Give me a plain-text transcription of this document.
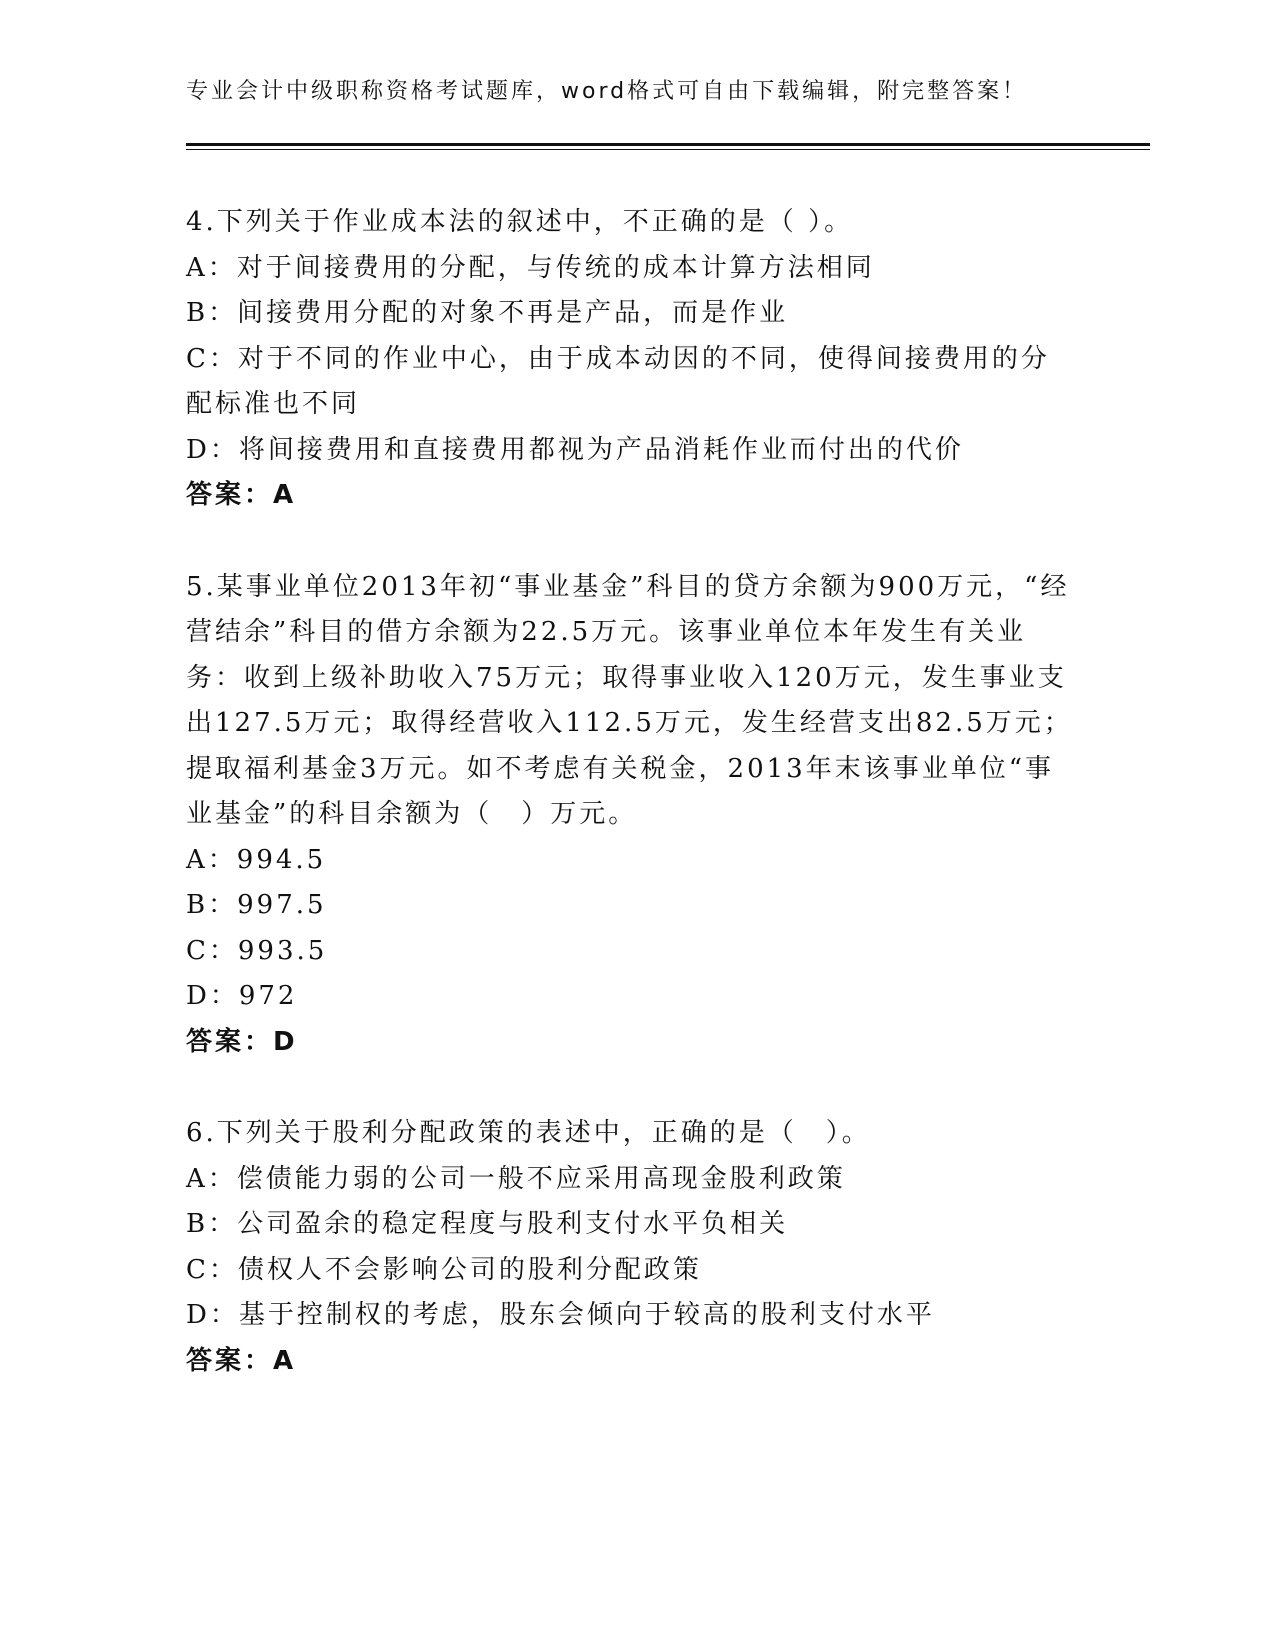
专业会计中级职称资格考试题库，word格式可自由下载编辑，附完整答案！

4.下列关于作业成本法的叙述中，不正确的是（ ）。

A：对于间接费用的分配，与传统的成本计算方法相同

B：间接费用分配的对象不再是产品，而是作业

C：对于不同的作业中心，由于成本动因的不同，使得间接费用的分配标准也不同

D：将间接费用和直接费用都视为产品消耗作业而付出的代价

答案：A

5.某事业单位2013年初“事业基金”科目的贷方余额为900万元，“经营结余”科目的借方余额为22.5万元。该事业单位本年发生有关业务：收到上级补助收入75万元；取得事业收入120万元，发生事业支出127.5万元；取得经营收入112.5万元，发生经营支出82.5万元；提取福利基金3万元。如不考虑有关税金，2013年末该事业单位“事业基金”的科目余额为（　）万元。

A：994.5

B：997.5

C：993.5

D：972

答案：D

6.下列关于股利分配政策的表述中，正确的是（　）。

A：偿债能力弱的公司一般不应采用高现金股利政策

B：公司盈余的稳定程度与股利支付水平负相关

C：债权人不会影响公司的股利分配政策

D：基于控制权的考虑，股东会倾向于较高的股利支付水平

答案：A
